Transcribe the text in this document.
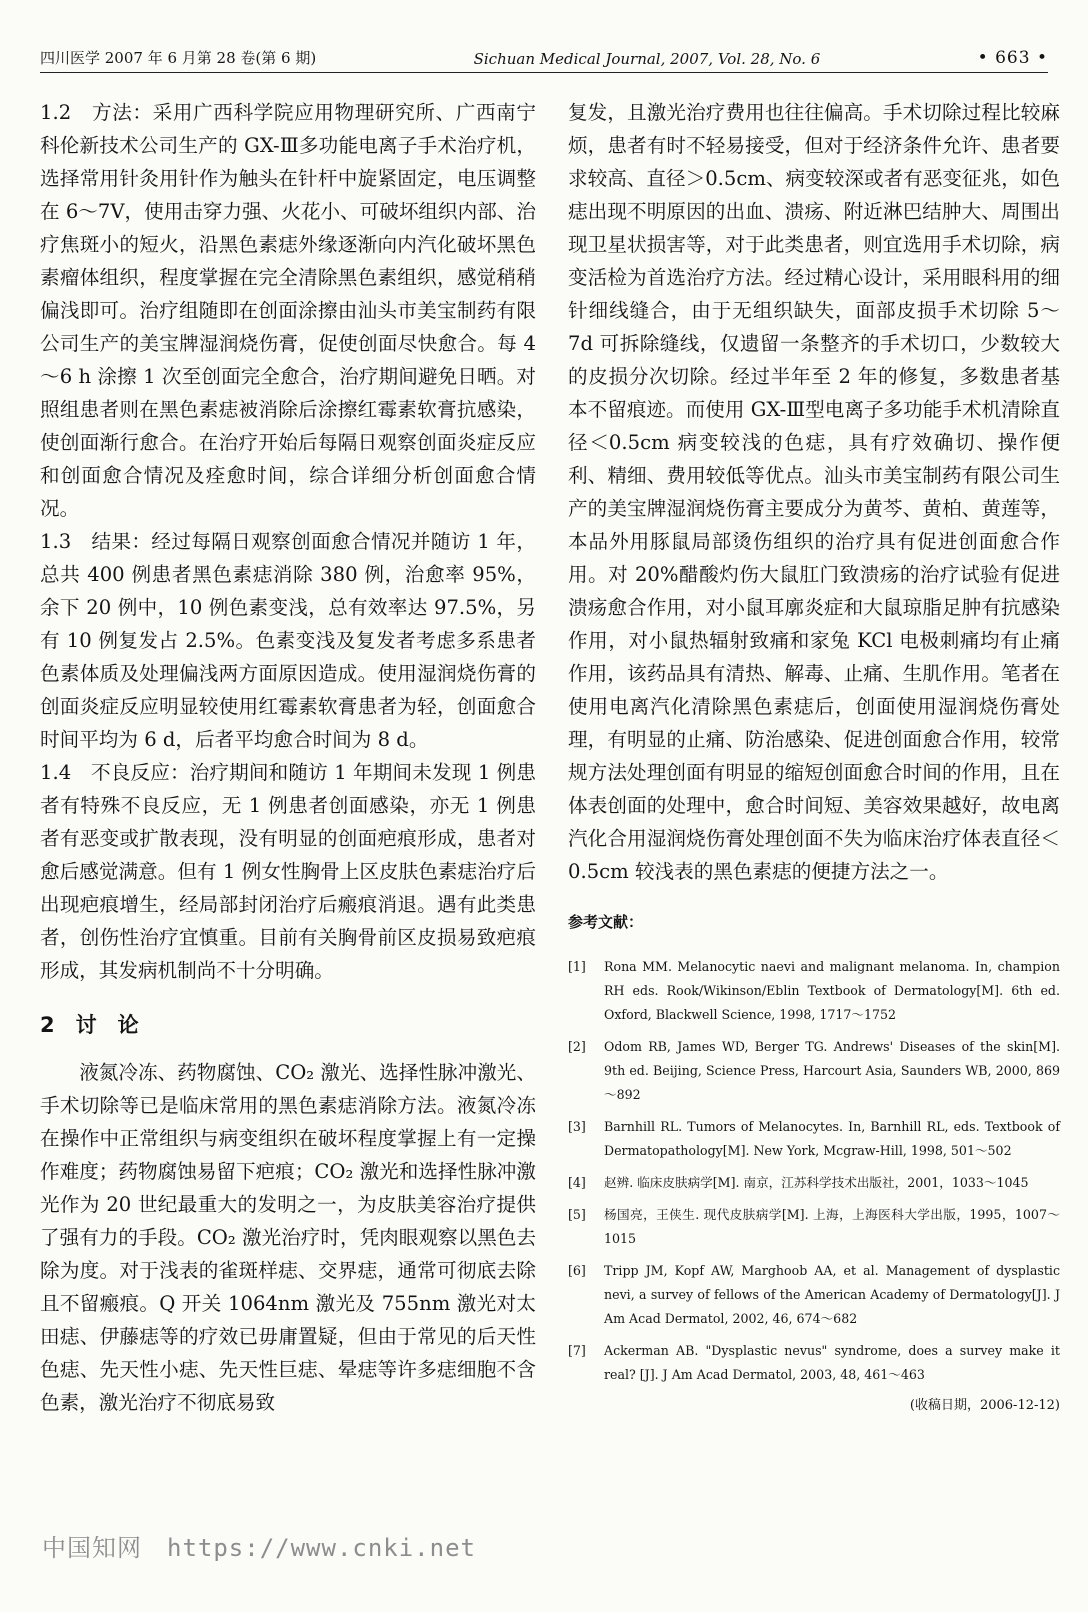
四川医学 2007 年 6 月第 28 卷(第 6 期)	Sichuan Medical Journal, 2007, Vol. 28, No. 6	• 663 •

1.2　方法：采用广西科学院应用物理研究所、广西南宁科伦新技术公司生产的 GX-Ⅲ多功能电离子手术治疗机，选择常用针灸用针作为触头在针杆中旋紧固定，电压调整在 6～7V，使用击穿力强、火花小、可破坏组织内部、治疗焦斑小的短火，沿黑色素痣外缘逐渐向内汽化破坏黑色素瘤体组织，程度掌握在完全清除黑色素组织，感觉稍稍偏浅即可。治疗组随即在创面涂擦由汕头市美宝制药有限公司生产的美宝牌湿润烧伤膏，促使创面尽快愈合。每 4～6 h 涂擦 1 次至创面完全愈合，治疗期间避免日晒。对照组患者则在黑色素痣被消除后涂擦红霉素软膏抗感染，使创面渐行愈合。在治疗开始后每隔日观察创面炎症反应和创面愈合情况及痊愈时间，综合详细分析创面愈合情况。

1.3　结果：经过每隔日观察创面愈合情况并随访 1 年，总共 400 例患者黑色素痣消除 380 例，治愈率 95%，余下 20 例中，10 例色素变浅，总有效率达 97.5%，另有 10 例复发占 2.5%。色素变浅及复发者考虑多系患者色素体质及处理偏浅两方面原因造成。使用湿润烧伤膏的创面炎症反应明显较使用红霉素软膏患者为轻，创面愈合时间平均为 6 d，后者平均愈合时间为 8 d。

1.4　不良反应：治疗期间和随访 1 年期间未发现 1 例患者有特殊不良反应，无 1 例患者创面感染，亦无 1 例患者有恶变或扩散表现，没有明显的创面疤痕形成，患者对愈后感觉满意。但有 1 例女性胸骨上区皮肤色素痣治疗后出现疤痕增生，经局部封闭治疗后瘢痕消退。遇有此类患者，创伤性治疗宜慎重。目前有关胸骨前区皮损易致疤痕形成，其发病机制尚不十分明确。

2　讨　论

液氮冷冻、药物腐蚀、CO₂ 激光、选择性脉冲激光、手术切除等已是临床常用的黑色素痣消除方法。液氮冷冻在操作中正常组织与病变组织在破坏程度掌握上有一定操作难度；药物腐蚀易留下疤痕；CO₂ 激光和选择性脉冲激光作为 20 世纪最重大的发明之一，为皮肤美容治疗提供了强有力的手段。CO₂ 激光治疗时，凭肉眼观察以黑色去除为度。对于浅表的雀斑样痣、交界痣，通常可彻底去除且不留瘢痕。Q 开关 1064nm 激光及 755nm 激光对太田痣、伊藤痣等的疗效已毋庸置疑，但由于常见的后天性色痣、先天性小痣、先天性巨痣、晕痣等许多痣细胞不含色素，激光治疗不彻底易致

复发，且激光治疗费用也往往偏高。手术切除过程比较麻烦，患者有时不轻易接受，但对于经济条件允许、患者要求较高、直径＞0.5cm、病变较深或者有恶变征兆，如色痣出现不明原因的出血、溃疡、附近淋巴结肿大、周围出现卫星状损害等，对于此类患者，则宜选用手术切除，病变活检为首选治疗方法。经过精心设计，采用眼科用的细针细线缝合，由于无组织缺失，面部皮损手术切除 5～7d 可拆除缝线，仅遗留一条整齐的手术切口，少数较大的皮损分次切除。经过半年至 2 年的修复，多数患者基本不留痕迹。而使用 GX-Ⅲ型电离子多功能手术机清除直径＜0.5cm 病变较浅的色痣，具有疗效确切、操作便利、精细、费用较低等优点。汕头市美宝制药有限公司生产的美宝牌湿润烧伤膏主要成分为黄芩、黄柏、黄莲等，本品外用豚鼠局部烫伤组织的治疗具有促进创面愈合作用。对 20%醋酸灼伤大鼠肛门致溃疡的治疗试验有促进溃疡愈合作用，对小鼠耳廓炎症和大鼠琼脂足肿有抗感染作用，对小鼠热辐射致痛和家兔 KCl 电极刺痛均有止痛作用，该药品具有清热、解毒、止痛、生肌作用。笔者在使用电离汽化清除黑色素痣后，创面使用湿润烧伤膏处理，有明显的止痛、防治感染、促进创面愈合作用，较常规方法处理创面有明显的缩短创面愈合时间的作用，且在体表创面的处理中，愈合时间短、美容效果越好，故电离汽化合用湿润烧伤膏处理创面不失为临床治疗体表直径＜0.5cm 较浅表的黑色素痣的便捷方法之一。

参考文献：
[1]	Rona MM. Melanocytic naevi and malignant melanoma. In, champion RH eds. Rook/Wikinson/Eblin Textbook of Dermatology[M]. 6th ed. Oxford, Blackwell Science, 1998, 1717～1752
[2]	Odom RB, James WD, Berger TG. Andrews' Diseases of the skin[M]. 9th ed. Beijing, Science Press, Harcourt Asia, Saunders WB, 2000, 869～892
[3]	Barnhill RL. Tumors of Melanocytes. In, Barnhill RL, eds. Textbook of Dermatopathology[M]. New York, Mcgraw-Hill, 1998, 501～502
[4]	赵辨. 临床皮肤病学[M]. 南京，江苏科学技术出版社，2001，1033～1045
[5]	杨国亮，王侠生. 现代皮肤病学[M]. 上海，上海医科大学出版，1995，1007～1015
[6]	Tripp JM, Kopf AW, Marghoob AA, et al. Management of dysplastic nevi, a survey of fellows of the American Academy of Dermatology[J]. J Am Acad Dermatol, 2002, 46, 674～682
[7]	Ackerman AB. "Dysplastic nevus" syndrome, does a survey make it real? [J]. J Am Acad Dermatol, 2003, 48, 461～463
(收稿日期，2006-12-12)
中国知网　https://www.cnki.net
